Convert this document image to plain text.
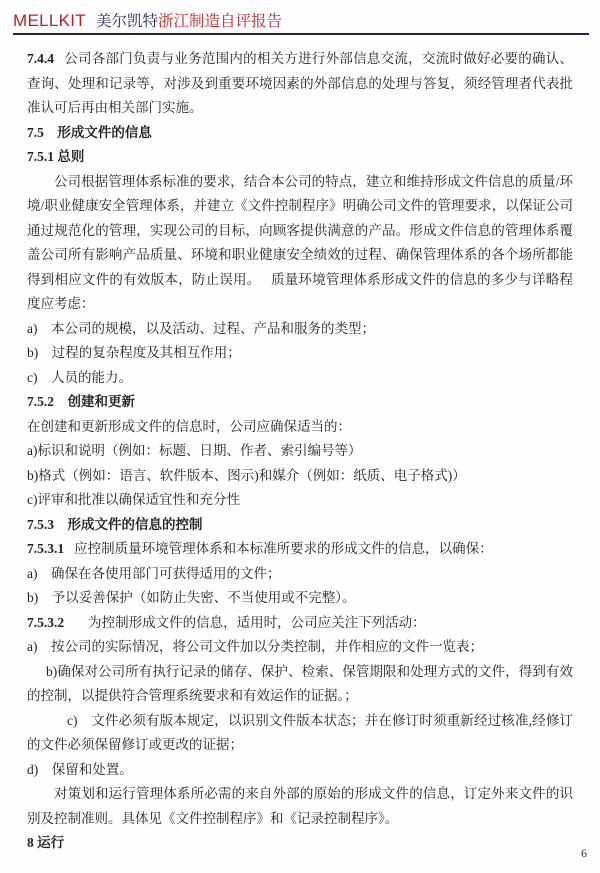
MELLKIT 美尔凯特浙江制造自评报告

7.4.4 公司各部门负责与业务范围内的相关方进行外部信息交流，交流时做好必要的确认、查询、处理和记录等，对涉及到重要环境因素的外部信息的处理与答复，须经管理者代表批准认可后再由相关部门实施。

7.5　形成文件的信息

7.5.1 总则

公司根据管理体系标准的要求，结合本公司的特点，建立和维持形成文件信息的质量/环境/职业健康安全管理体系，并建立《文件控制程序》明确公司文件的管理要求，以保证公司通过规范化的管理，实现公司的目标，向顾客提供满意的产品。形成文件信息的管理体系覆盖公司所有影响产品质量、环境和职业健康安全绩效的过程、确保管理体系的各个场所都能得到相应文件的有效版本，防止误用。　 质量环境管理体系形成文件的信息的多少与详略程度应考虑：

a)　本公司的规模，以及活动、过程、产品和服务的类型；

b)　过程的复杂程度及其相互作用；

c)　人员的能力。

7.5.2　创建和更新

在创建和更新形成文件的信息时，公司应确保适当的：

a)标识和说明（例如：标题、日期、作者、索引编号等）

b)格式（例如：语言、软件版本、图示)和媒介（例如：纸质、电子格式)）

c)评审和批准以确保适宜性和充分性

7.5.3　形成文件的信息的控制

7.5.3.1 应控制质量环境管理体系和本标准所要求的形成文件的信息，以确保：

a)　确保在各使用部门可获得适用的文件；

b)　予以妥善保护（如防止失密、不当使用或不完整）。

7.5.3.2 为控制形成文件的信息，适用时，公司应关注下列活动：

a)　按公司的实际情况，将公司文件加以分类控制，并作相应的文件一览表；

b)确保对公司所有执行记录的储存、保护、检索、保管期限和处理方式的文件，得到有效的控制，以提供符合管理系统要求和有效运作的证据。；

c)　文件必须有版本规定，以识别文件版本状态；并在修订时须重新经过核准,经修订的文件必须保留修订或更改的证据；

d)　保留和处置。

对策划和运行管理体系所必需的来自外部的原始的形成文件的信息，订定外来文件的识别及控制准则。具体见《文件控制程序》和《记录控制程序》。

8 运行

6
